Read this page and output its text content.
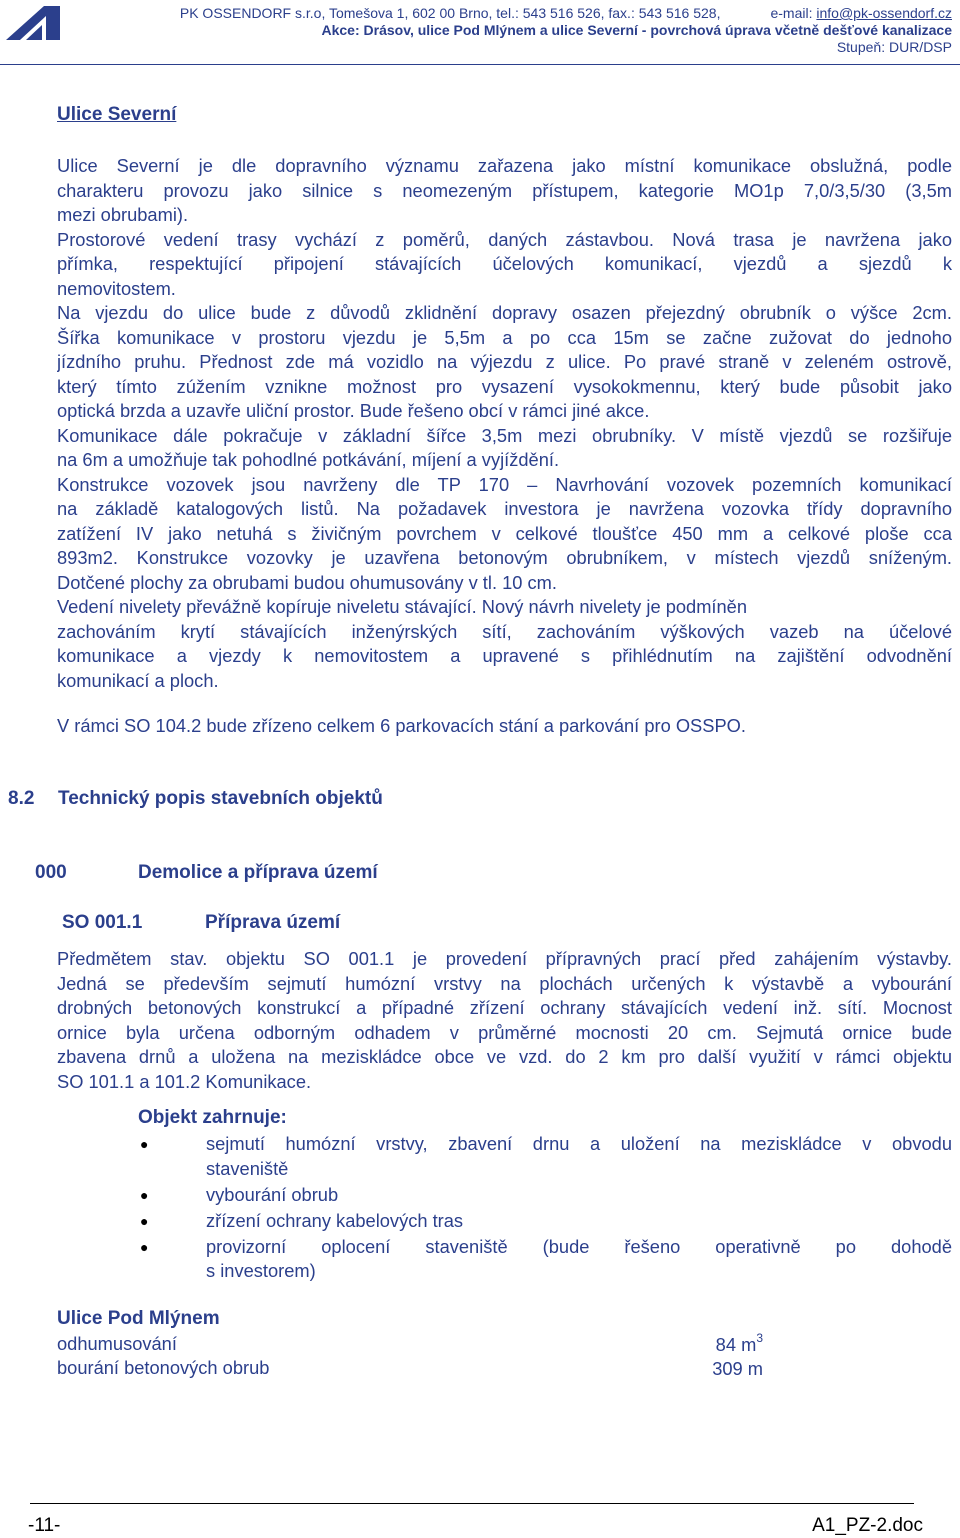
PK OSSENDORF s.r.o, Tomešova 1, 602 00 Brno, tel.: 543 516 526, fax.: 543 516 528,	e-mail: info@pk-ossendorf.cz
Akce: Drásov, ulice Pod Mlýnem a ulice Severní - povrchová úprava včetně dešťové kanalizace
Stupeň: DUR/DSP
Ulice Severní
Ulice Severní je dle dopravního významu zařazena jako místní komunikace obslužná, podle
charakteru provozu jako silnice s neomezeným přístupem, kategorie MO1p 7,0/3,5/30 (3,5m
mezi obrubami).
Prostorové vedení trasy vychází z poměrů, daných zástavbou. Nová trasa je navržena jako
přímka, respektující připojení stávajících účelových komunikací, vjezdů a sjezdů k
nemovitostem.
Na vjezdu do ulice bude z důvodů zklidnění dopravy osazen přejezdný obrubník o výšce 2cm.
Šířka komunikace v prostoru vjezdu je 5,5m a po cca 15m se začne zužovat do jednoho
jízdního pruhu. Přednost zde má vozidlo na výjezdu z ulice. Po pravé straně v zeleném ostrově,
který tímto zúžením vznikne možnost pro vysazení vysokokmennu, který bude působit jako
optická brzda a uzavře uliční prostor. Bude řešeno obcí v rámci jiné akce.
Komunikace dále pokračuje v základní šířce 3,5m mezi obrubníky. V místě vjezdů se rozšiřuje
na 6m a umožňuje tak pohodlné potkávání, míjení a vyjíždění.
Konstrukce vozovek jsou navrženy dle TP 170 – Navrhování vozovek pozemních komunikací
na základě katalogových listů. Na požadavek investora je navržena vozovka třídy dopravního
zatížení IV jako netuhá s živičným povrchem v celkové tloušťce 450 mm a celkové ploše cca
893m2. Konstrukce vozovky je uzavřena betonovým obrubníkem, v místech vjezdů sníženým.
Dotčené plochy za obrubami budou ohumusovány v tl. 10 cm.
Vedení nivelety převážně kopíruje niveletu stávající. Nový návrh nivelety je podmíněn
zachováním krytí stávajících inženýrských sítí, zachováním výškových vazeb na účelové
komunikace a vjezdy k nemovitostem a upravené s přihlédnutím na zajištění odvodnění
komunikací a ploch.
V rámci SO 104.2 bude zřízeno celkem 6 parkovacích stání a parkování pro OSSPO.
8.2 Technický popis stavebních objektů
000	Demolice a příprava území
SO 001.1	Příprava území
Předmětem stav. objektu SO 001.1 je provedení přípravných prací před zahájením výstavby.
Jedná se především sejmutí humózní vrstvy na plochách určených k výstavbě a vybourání
drobných betonových konstrukcí a případné zřízení ochrany stávajících vedení inž. sítí. Mocnost
ornice byla určena odborným odhadem v průměrné mocnosti 20 cm. Sejmutá ornice bude
zbavena drnů a uložena na meziskládce obce ve vzd. do 2 km pro další využití v rámci objektu
SO 101.1 a 101.2 Komunikace.
Objekt zahrnuje:
●	sejmutí humózní vrstvy, zbavení drnu a uložení na meziskládce v obvodu
staveniště
●	vybourání obrub
●	zřízení ochrany kabelových tras
●	provizorní oplocení staveniště (bude řešeno operativně po dohodě
s investorem)
Ulice Pod Mlýnem
odhumusování	84 $m^3$
bourání betonových obrub	309 m
-11-	A1_PZ-2.doc
